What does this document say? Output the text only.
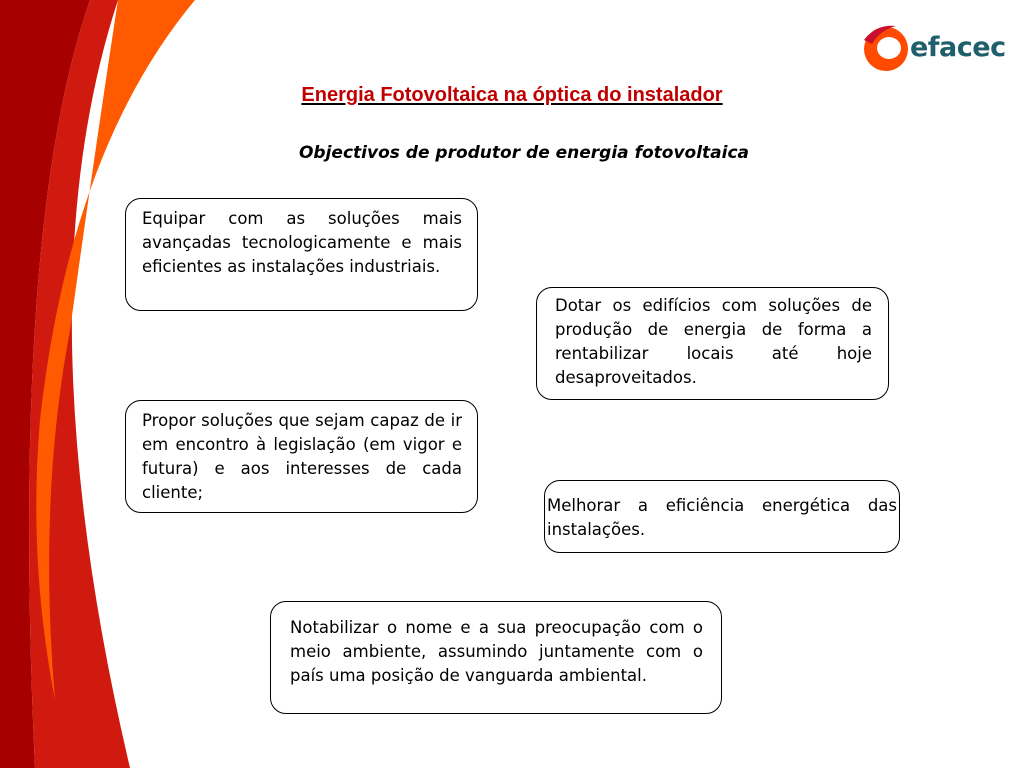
efacec
Energia Fotovoltaica na óptica do instalador
Objectivos de produtor de energia fotovoltaica
Equipar com as soluções mais avançadas tecnologicamente e mais eficientes as instalações industriais.
Dotar os edifícios com soluções de produção de energia de forma a rentabilizar locais até hoje desaproveitados.
Propor soluções que sejam capaz de ir em encontro à legislação (em vigor e futura) e aos interesses de cada cliente;
Melhorar a eficiência energética das instalações.
Notabilizar o nome e a sua preocupação com o meio ambiente, assumindo juntamente com o país uma posição de vanguarda ambiental.
